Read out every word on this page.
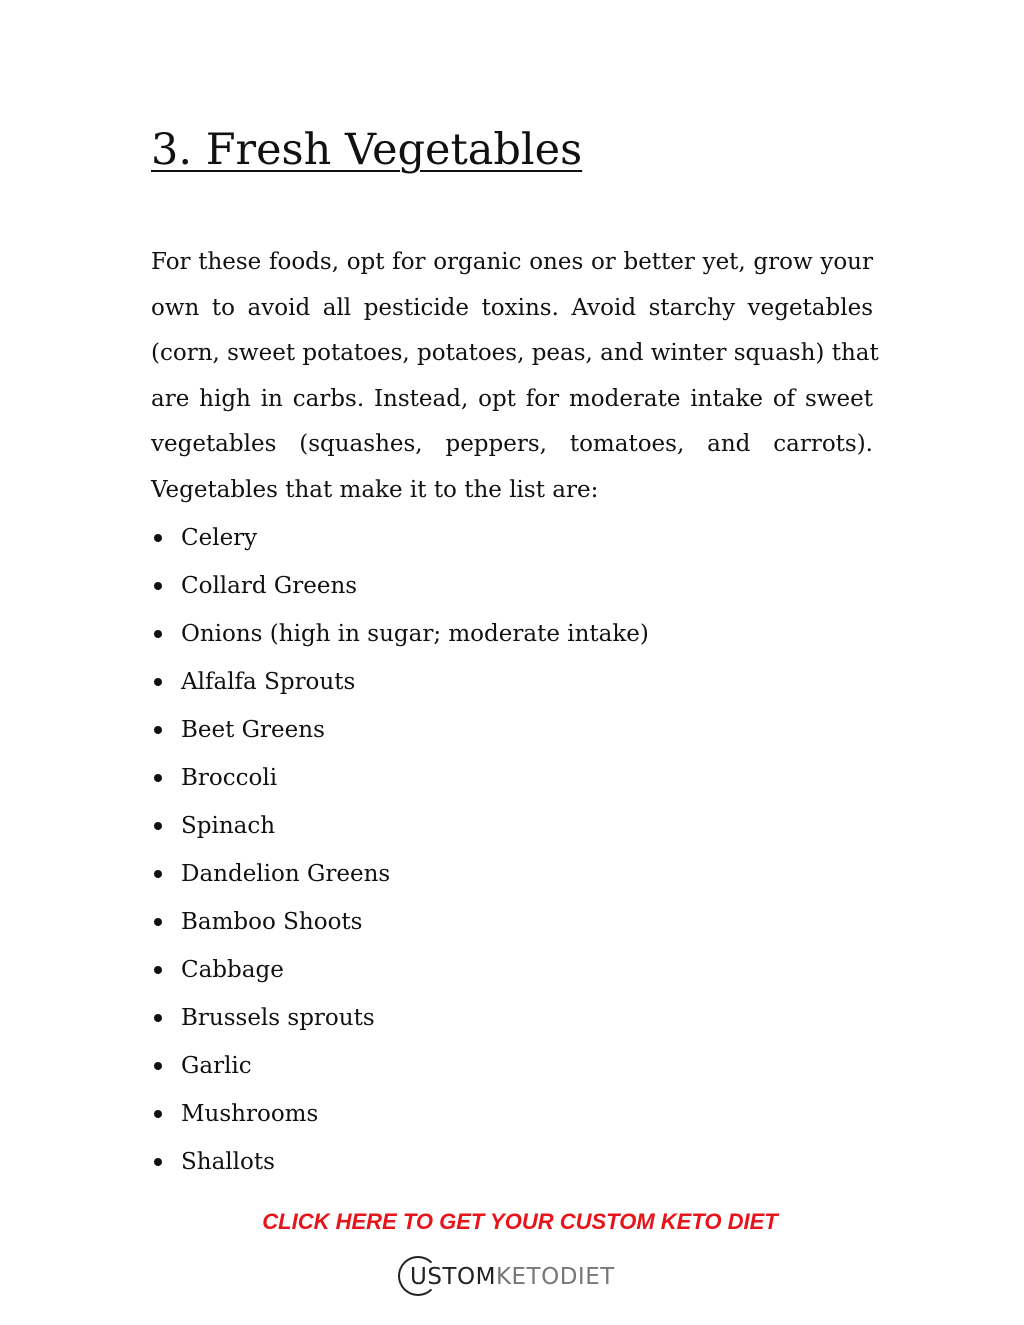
3. Fresh Vegetables

For these foods, opt for organic ones or better yet, grow your
own to avoid all pesticide toxins. Avoid starchy vegetables
(corn, sweet potatoes, potatoes, peas, and winter squash) that
are high in carbs. Instead, opt for moderate intake of sweet
vegetables (squashes, peppers, tomatoes, and carrots).
Vegetables that make it to the list are:

Celery
Collard Greens
Onions (high in sugar; moderate intake)
Alfalfa Sprouts
Beet Greens
Broccoli
Spinach
Dandelion Greens
Bamboo Shoots
Cabbage
Brussels sprouts
Garlic
Mushrooms
Shallots
CLICK HERE TO GET YOUR CUSTOM KETO DIET
USTOMKETODIET
